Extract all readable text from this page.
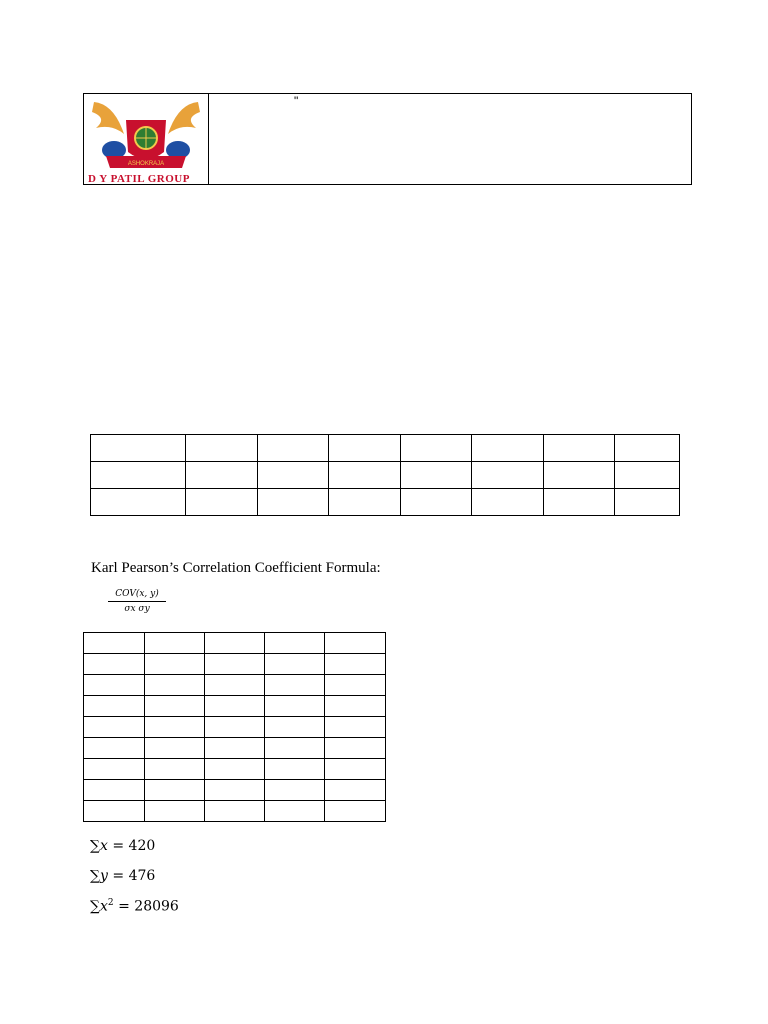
ASHOKRAJA
D Y PATIL GROUP
"

Karl Pearson’s Correlation Coefficient Formula:
COV(x, y)
σx σy

∑x = 420
∑y = 476
$\sum x^2 = 28096$
